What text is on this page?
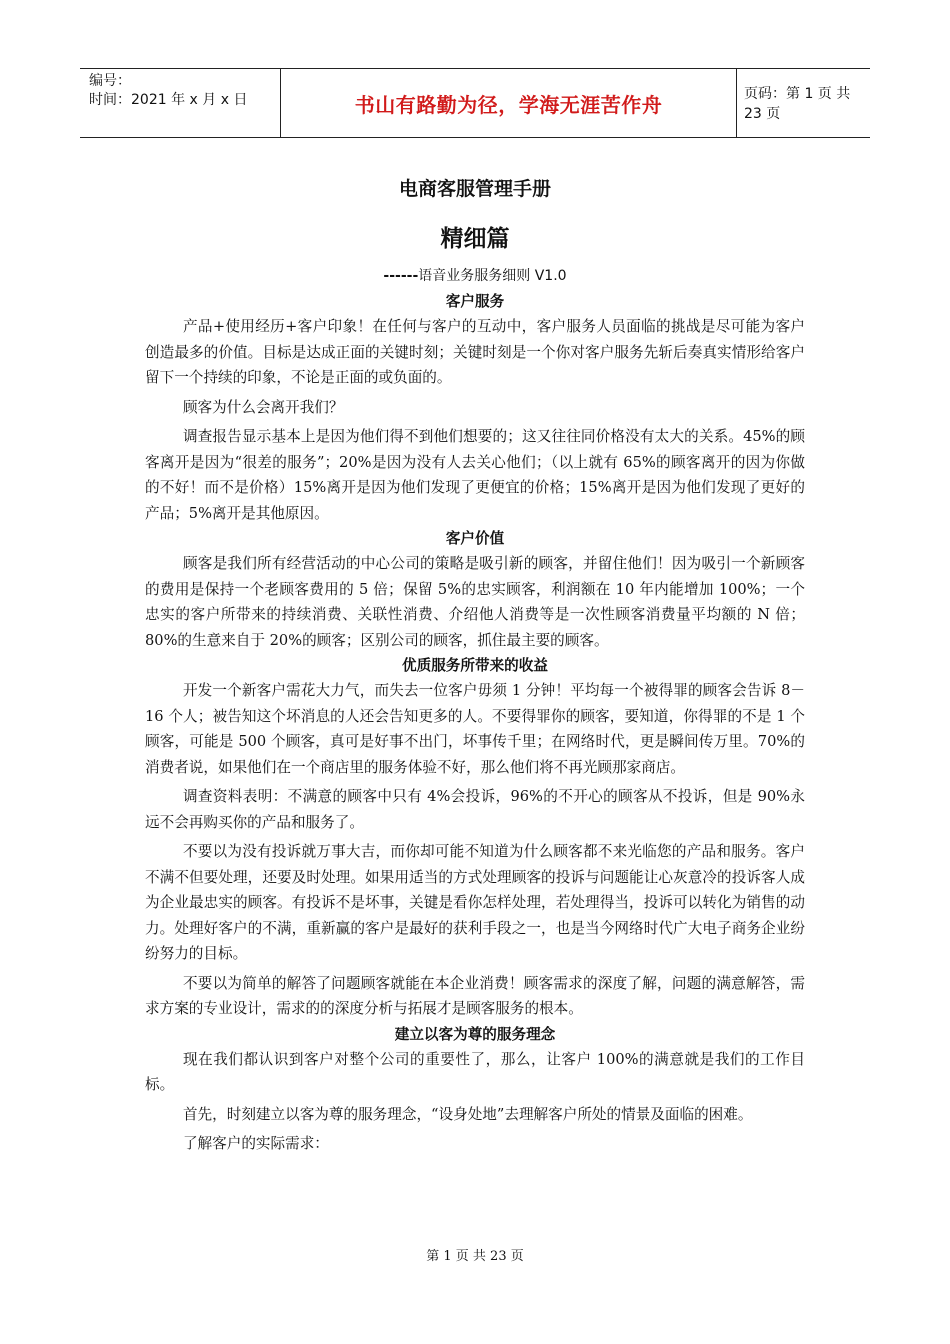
编号：
时间：2021 年 x 月 x 日	书山有路勤为径，学海无涯苦作舟	页码：第 1 页 共 23 页
电商客服管理手册
精细篇
------语音业务服务细则 V1.0
客户服务

产品+使用经历+客户印象！在任何与客户的互动中，客户服务人员面临的挑战是尽可能为客户创造最多的价值。目标是达成正面的关键时刻；关键时刻是一个你对客户服务先斩后奏真实情形给客户留下一个持续的印象，不论是正面的或负面的。

顾客为什么会离开我们？

调查报告显示基本上是因为他们得不到他们想要的；这又往往同价格没有太大的关系。45%的顾客离开是因为“很差的服务”；20%是因为没有人去关心他们；（以上就有 65%的顾客离开的因为你做的不好！而不是价格）15%离开是因为他们发现了更便宜的价格；15%离开是因为他们发现了更好的产品；5%离开是其他原因。

客户价值

顾客是我们所有经营活动的中心公司的策略是吸引新的顾客，并留住他们！因为吸引一个新顾客的费用是保持一个老顾客费用的 5 倍；保留 5%的忠实顾客，利润额在 10 年内能增加 100%；一个忠实的客户所带来的持续消费、关联性消费、介绍他人消费等是一次性顾客消费量平均额的 N 倍；80%的生意来自于 20%的顾客；区别公司的顾客，抓住最主要的顾客。

优质服务所带来的收益

开发一个新客户需花大力气，而失去一位客户毋须 1 分钟！平均每一个被得罪的顾客会告诉 8－16 个人；被告知这个坏消息的人还会告知更多的人。不要得罪你的顾客，要知道，你得罪的不是 1 个顾客，可能是 500 个顾客，真可是好事不出门，坏事传千里；在网络时代，更是瞬间传万里。70%的消费者说，如果他们在一个商店里的服务体验不好，那么他们将不再光顾那家商店。

调查资料表明：不满意的顾客中只有 4%会投诉，96%的不开心的顾客从不投诉，但是 90%永远不会再购买你的产品和服务了。

不要以为没有投诉就万事大吉，而你却可能不知道为什么顾客都不来光临您的产品和服务。客户不满不但要处理，还要及时处理。如果用适当的方式处理顾客的投诉与问题能让心灰意冷的投诉客人成为企业最忠实的顾客。有投诉不是坏事，关键是看你怎样处理，若处理得当，投诉可以转化为销售的动力。处理好客户的不满，重新赢的客户是最好的获利手段之一，也是当今网络时代广大电子商务企业纷纷努力的目标。

不要以为简单的解答了问题顾客就能在本企业消费！顾客需求的深度了解，问题的满意解答，需求方案的专业设计，需求的的深度分析与拓展才是顾客服务的根本。

建立以客为尊的服务理念

现在我们都认识到客户对整个公司的重要性了，那么，让客户 100%的满意就是我们的工作目标。

首先，时刻建立以客为尊的服务理念，“设身处地”去理解客户所处的情景及面临的困难。

了解客户的实际需求：

第 1 页 共 23 页
